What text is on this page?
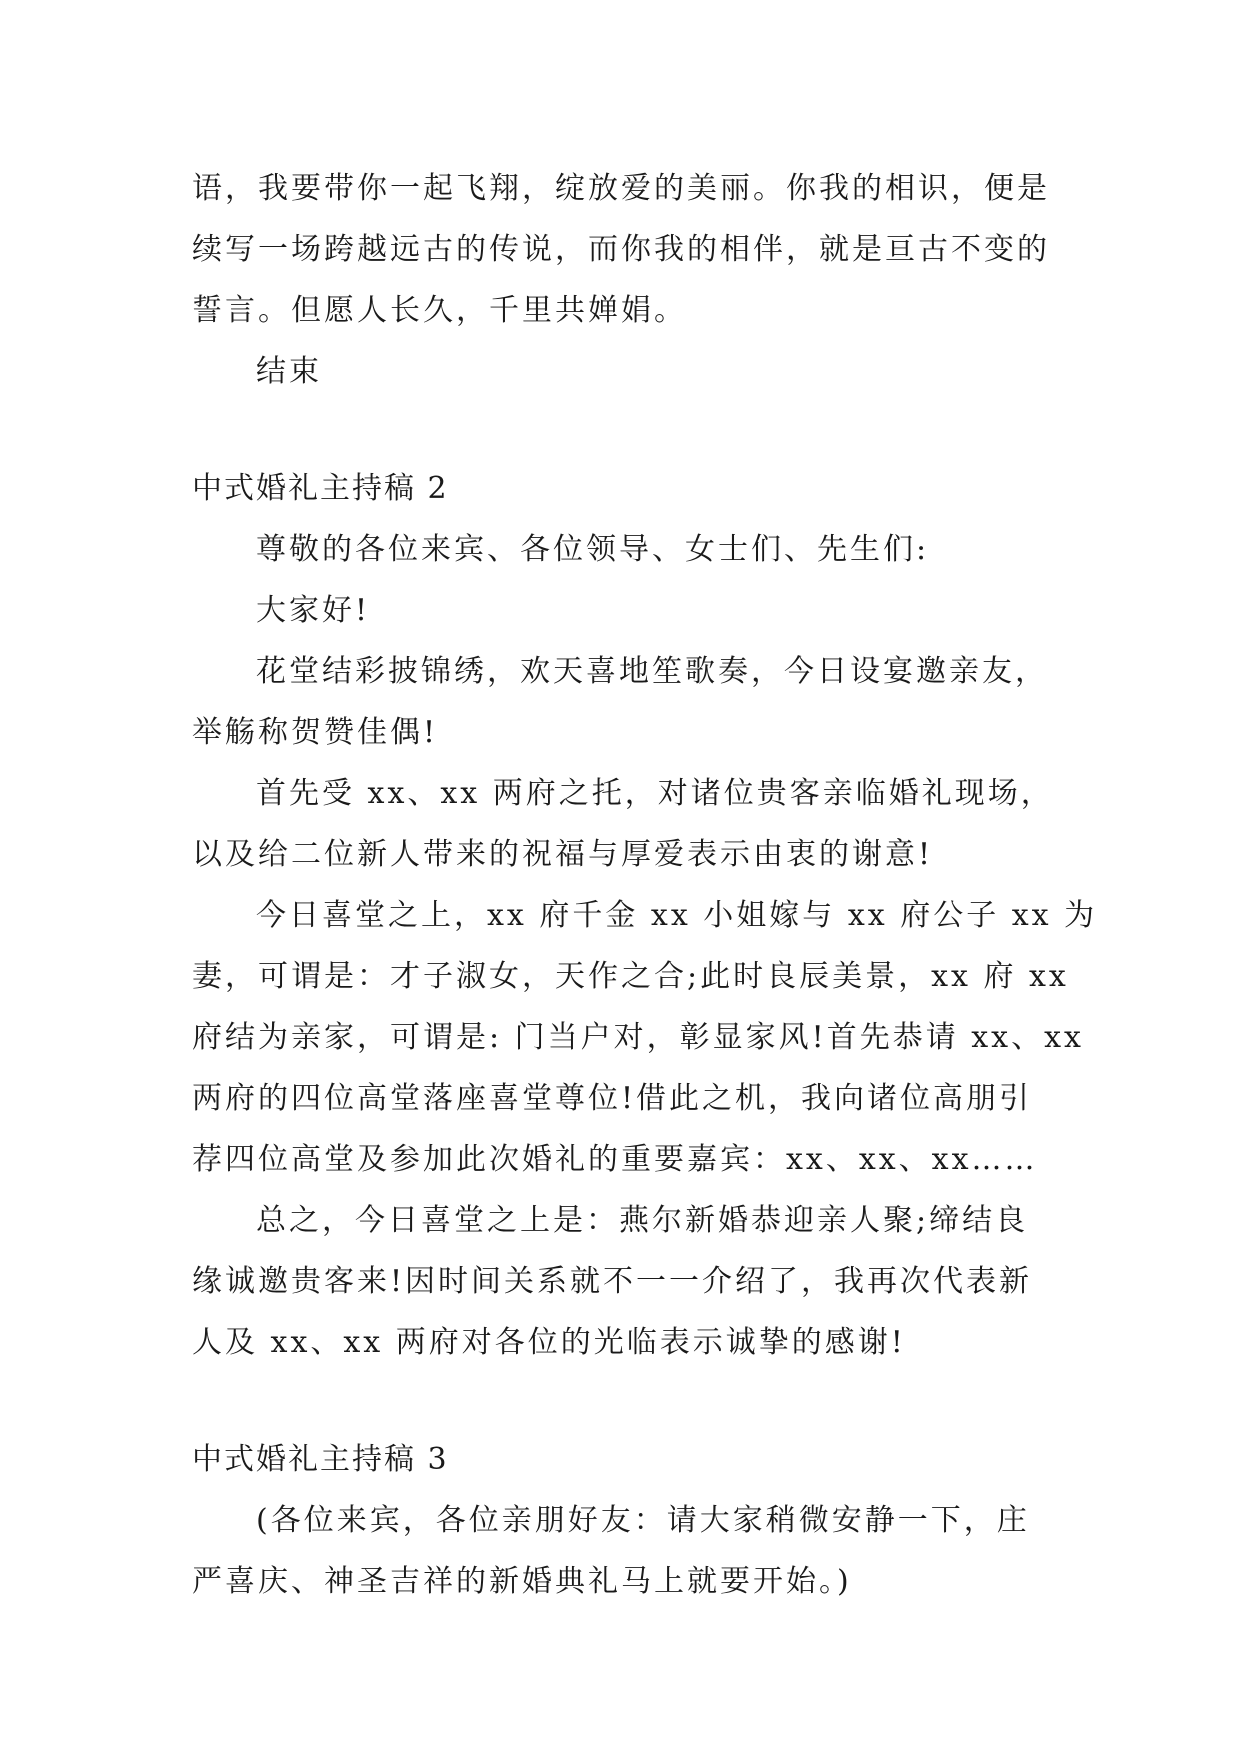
语，我要带你一起飞翔，绽放爱的美丽。你我的相识，便是
续写一场跨越远古的传说，而你我的相伴，就是亘古不变的
誓言。但愿人长久，千里共婵娟。
结束
中式婚礼主持稿 2
尊敬的各位来宾、各位领导、女士们、先生们:
大家好!
花堂结彩披锦绣，欢天喜地笙歌奏，今日设宴邀亲友，
举觞称贺赞佳偶!
首先受 xx、xx 两府之托，对诸位贵客亲临婚礼现场，
以及给二位新人带来的祝福与厚爱表示由衷的谢意!
今日喜堂之上，xx 府千金 xx 小姐嫁与 xx 府公子 xx 为
妻，可谓是：才子淑女，天作之合;此时良辰美景，xx 府 xx
府结为亲家，可谓是: 门当户对，彰显家风!首先恭请 xx、xx
两府的四位高堂落座喜堂尊位!借此之机，我向诸位高朋引
荐四位高堂及参加此次婚礼的重要嘉宾：xx、xx、xx……
总之，今日喜堂之上是：燕尔新婚恭迎亲人聚;缔结良
缘诚邀贵客来!因时间关系就不一一介绍了，我再次代表新
人及 xx、xx 两府对各位的光临表示诚挚的感谢!
中式婚礼主持稿 3
(各位来宾，各位亲朋好友：请大家稍微安静一下，庄
严喜庆、神圣吉祥的新婚典礼马上就要开始。)
